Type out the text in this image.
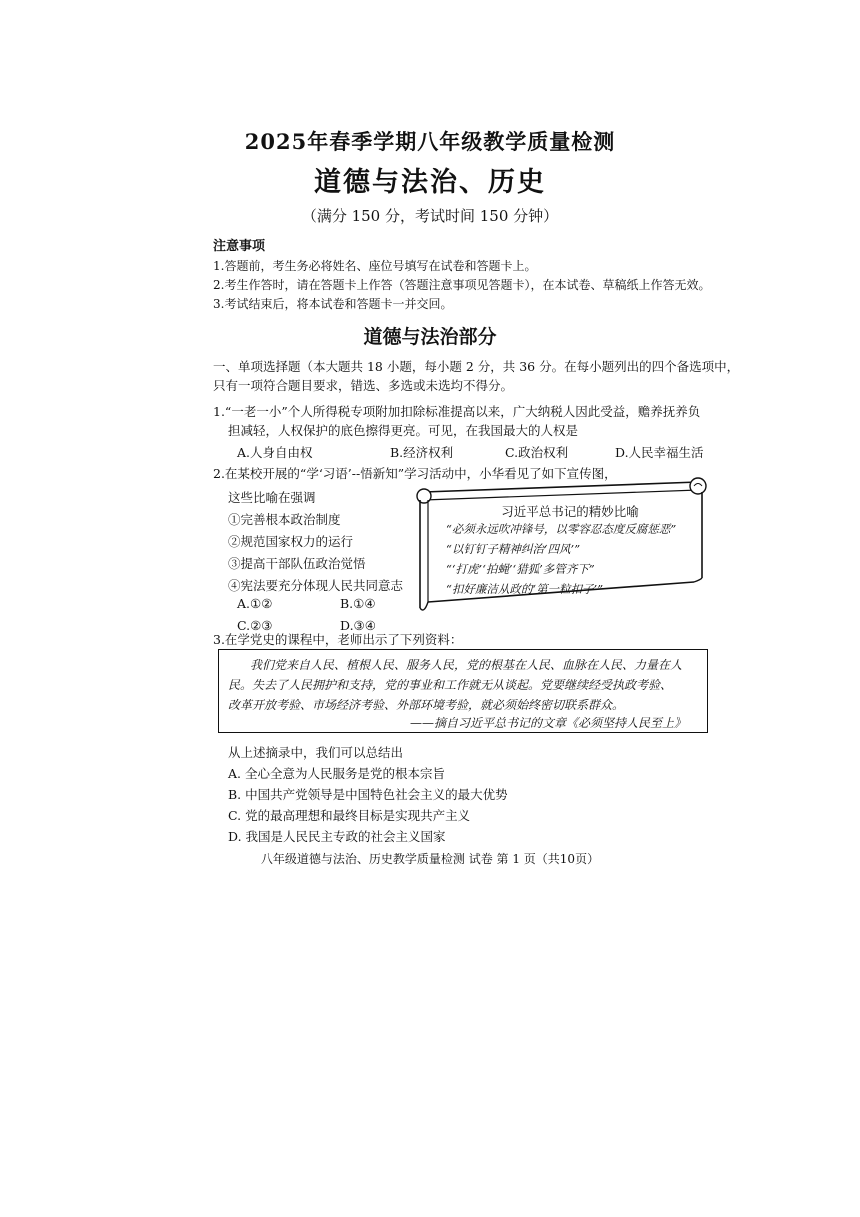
2025年春季学期八年级教学质量检测
道德与法治、历史
（满分 150 分，考试时间 150 分钟）
注意事项
1.答题前，考生务必将姓名、座位号填写在试卷和答题卡上。
2.考生作答时，请在答题卡上作答（答题注意事项见答题卡），在本试卷、草稿纸上作答无效。
3.考试结束后，将本试卷和答题卡一并交回。
道德与法治部分
一、单项选择题（本大题共 18 小题，每小题 2 分，共 36 分。在每小题列出的四个备选项中，
只有一项符合题目要求，错选、多选或未选均不得分。
1.“一老一小”个人所得税专项附加扣除标准提高以来，广大纳税人因此受益，赡养抚养负
担减轻，人权保护的底色擦得更亮。可见，在我国最大的人权是
A.人身自由权	B.经济权利	C.政治权利	D.人民幸福生活
2.在某校开展的“学‘习语’--悟新知”学习活动中，小华看见了如下宣传图，
这些比喻在强调
①完善根本政治制度
②规范国家权力的运行
③提高干部队伍政治觉悟
④宪法要充分体现人民共同意志
A.①②	B.①④
C.②③	D.③④
习近平总书记的精妙比喻
“必须永远吹冲锋号，以零容忍态度反腐惩恶”
“以钉钉子精神纠治‘四风’”
“‘打虎’‘拍蝇’‘猎狐’多管齐下”
“扣好廉洁从政的‘第一粒扣子’”
3.在学党史的课程中，老师出示了下列资料：
我们党来自人民、植根人民、服务人民，党的根基在人民、血脉在人民、力量在人
民。失去了人民拥护和支持，党的事业和工作就无从谈起。党要继续经受执政考验、
改革开放考验、市场经济考验、外部环境考验，就必须始终密切联系群众。
——摘自习近平总书记的文章《必须坚持人民至上》
从上述摘录中，我们可以总结出
A. 全心全意为人民服务是党的根本宗旨
B. 中国共产党领导是中国特色社会主义的最大优势
C. 党的最高理想和最终目标是实现共产主义
D. 我国是人民民主专政的社会主义国家
八年级道德与法治、历史教学质量检测 试卷 第 1 页（共10页）
